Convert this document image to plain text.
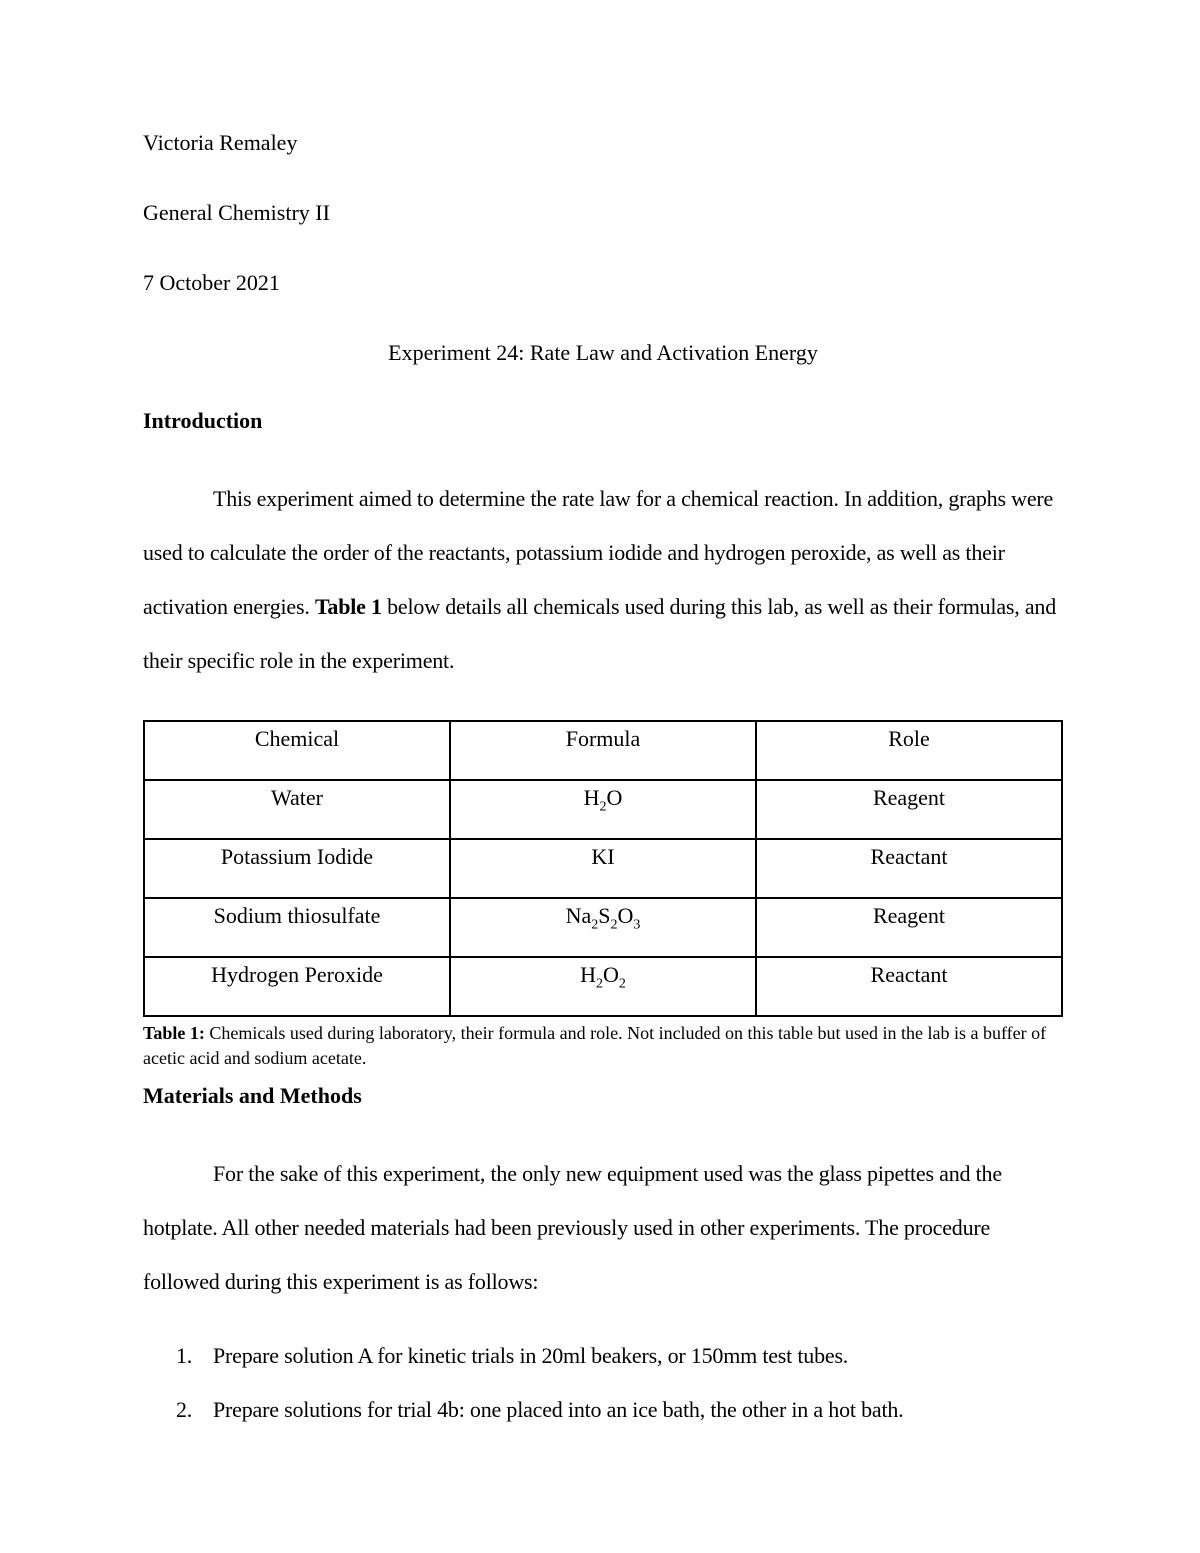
Victoria Remaley

General Chemistry II

7 October 2021

Experiment 24: Rate Law and Activation Energy
Introduction

This experiment aimed to determine the rate law for a chemical reaction. In addition, graphs were used to calculate the order of the reactants, potassium iodide and hydrogen peroxide, as well as their activation energies. Table 1 below details all chemicals used during this lab, as well as their formulas, and their specific role in the experiment.

Chemical	Formula	Role
Water	$H_2O$	Reagent
Potassium Iodide	KI	Reactant
Sodium thiosulfate	$Na_2S_2O_3$	Reagent
Hydrogen Peroxide	$H_2O_2$	Reactant

Table 1: Chemicals used during laboratory, their formula and role. Not included on this table but used in the lab is a buffer of acetic acid and sodium acetate.

Materials and Methods

For the sake of this experiment, the only new equipment used was the glass pipettes and the hotplate. All other needed materials had been previously used in other experiments. The procedure followed during this experiment is as follows:

1. Prepare solution A for kinetic trials in 20ml beakers, or 150mm test tubes.
2. Prepare solutions for trial 4b: one placed into an ice bath, the other in a hot bath.
